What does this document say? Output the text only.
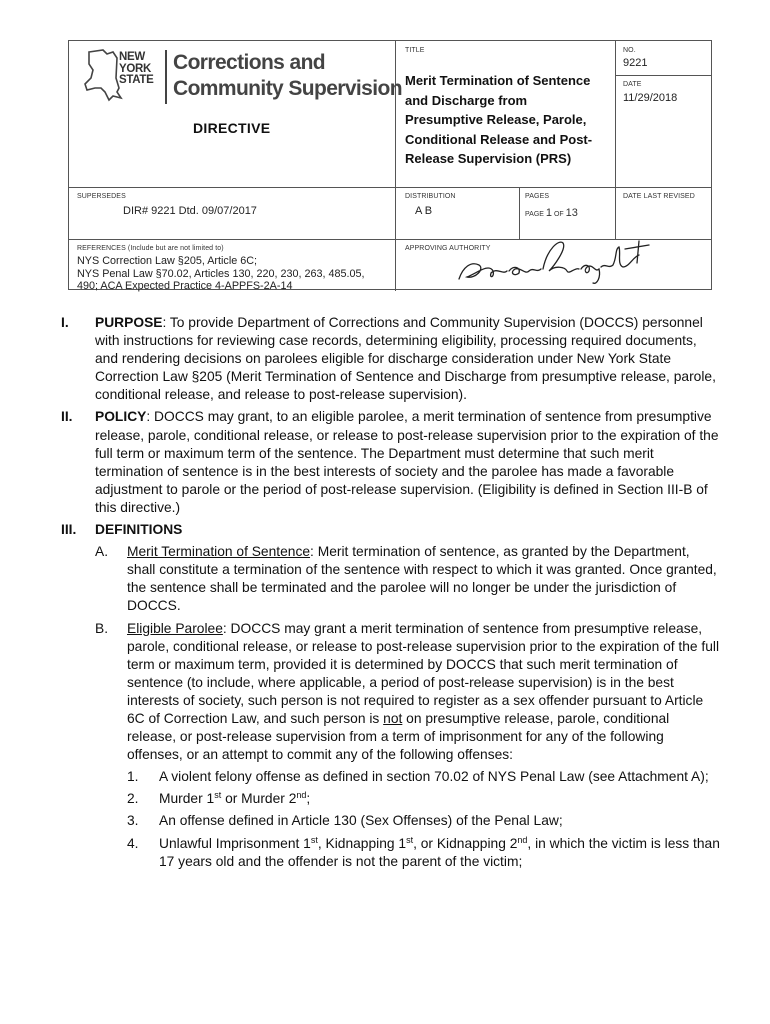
NEW
YORK
STATE
Corrections and
Community Supervision
DIRECTIVE
TITLE
Merit Termination of Sentence
and Discharge from
Presumptive Release, Parole,
Conditional Release and Post-
Release Supervision (PRS)
NO.
9221
DATE
11/29/2018
SUPERSEDES
DIR# 9221 Dtd. 09/07/2017
DISTRIBUTION
A B
PAGES
PAGE 1 OF 13
DATE LAST REVISED
REFERENCES (Include but are not limited to)
NYS Correction Law §205, Article 6C;
NYS Penal Law §70.02, Articles 130, 220, 230, 263, 485.05,
490; ACA Expected Practice 4-APPFS-2A-14
APPROVING AUTHORITY
I. PURPOSE: To provide Department of Corrections and Community Supervision (DOCCS) personnel with instructions for reviewing case records, determining eligibility, processing required documents, and rendering decisions on parolees eligible for discharge consideration under New York State Correction Law §205 (Merit Termination of Sentence and Discharge from presumptive release, parole, conditional release, and release to post-release supervision).
II. POLICY: DOCCS may grant, to an eligible parolee, a merit termination of sentence from presumptive release, parole, conditional release, or release to post-release supervision prior to the expiration of the full term or maximum term of the sentence. The Department must determine that such merit termination of sentence is in the best interests of society and the parolee has made a favorable adjustment to parole or the period of post-release supervision. (Eligibility is defined in Section III-B of this directive.)
III. DEFINITIONS
A. Merit Termination of Sentence: Merit termination of sentence, as granted by the Department, shall constitute a termination of the sentence with respect to which it was granted. Once granted, the sentence shall be terminated and the parolee will no longer be under the jurisdiction of DOCCS.
B. Eligible Parolee: DOCCS may grant a merit termination of sentence from presumptive release, parole, conditional release, or release to post-release supervision prior to the expiration of the full term or maximum term, provided it is determined by DOCCS that such merit termination of sentence (to include, where applicable, a period of post-release supervision) is in the best interests of society, such person is not required to register as a sex offender pursuant to Article 6C of Correction Law, and such person is not on presumptive release, parole, conditional release, or post-release supervision from a term of imprisonment for any of the following offenses, or an attempt to commit any of the following offenses:
1. A violent felony offense as defined in section 70.02 of NYS Penal Law (see Attachment A);
2. Murder 1st or Murder 2nd;
3. An offense defined in Article 130 (Sex Offenses) of the Penal Law;
4. Unlawful Imprisonment 1st, Kidnapping 1st, or Kidnapping 2nd, in which the victim is less than 17 years old and the offender is not the parent of the victim;
